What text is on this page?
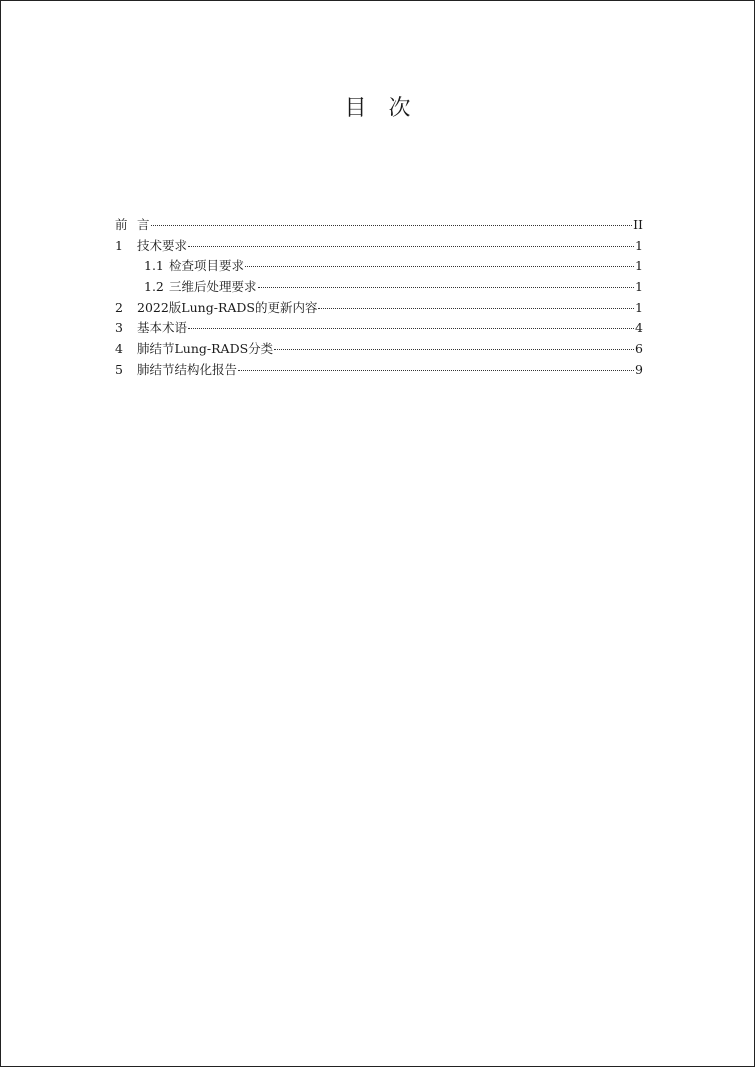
目 次
前 言	II
1	技术要求	1
1.1 检查项目要求	1
1.2 三维后处理要求	1
2	2022版Lung-RADS的更新内容	1
3	基本术语	4
4	肺结节Lung-RADS分类	6
5	肺结节结构化报告	9
